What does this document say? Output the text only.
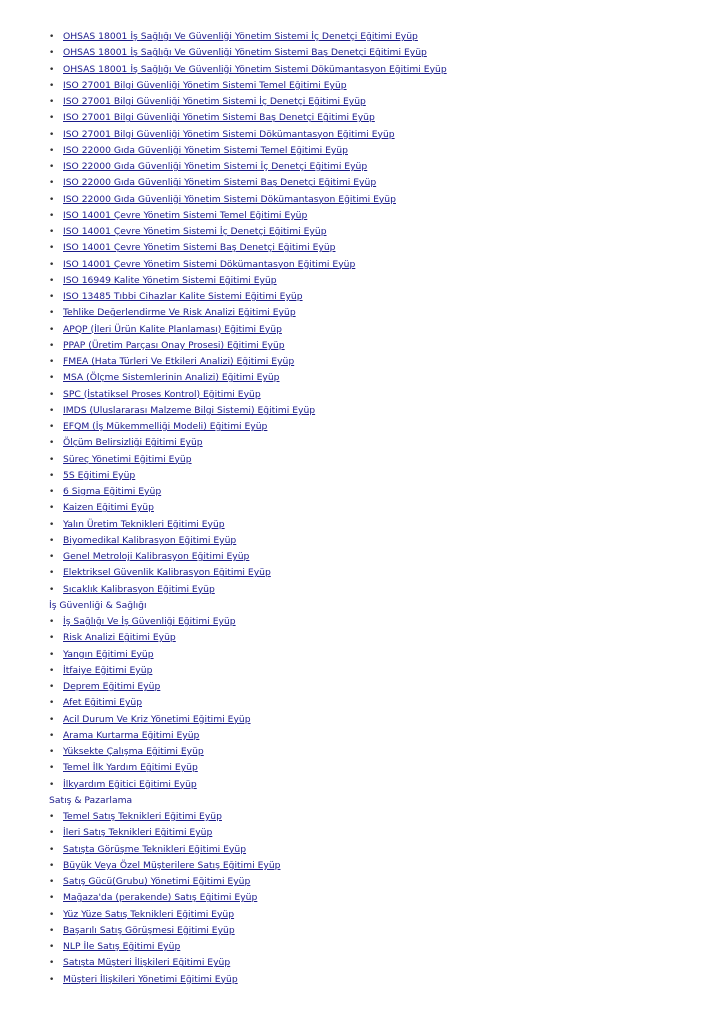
• OHSAS 18001 İş Sağlığı Ve Güvenliği Yönetim Sistemi İç Denetçi Eğitimi Eyüp
• OHSAS 18001 İş Sağlığı Ve Güvenliği Yönetim Sistemi Baş Denetçi Eğitimi Eyüp
• OHSAS 18001 İş Sağlığı Ve Güvenliği Yönetim Sistemi Dökümantasyon Eğitimi Eyüp
• ISO 27001 Bilgi Güvenliği Yönetim Sistemi Temel Eğitimi Eyüp
• ISO 27001 Bilgi Güvenliği Yönetim Sistemi İç Denetçi Eğitimi Eyüp
• ISO 27001 Bilgi Güvenliği Yönetim Sistemi Baş Denetçi Eğitimi Eyüp
• ISO 27001 Bilgi Güvenliği Yönetim Sistemi Dökümantasyon Eğitimi Eyüp
• ISO 22000 Gıda Güvenliği Yönetim Sistemi Temel Eğitimi Eyüp
• ISO 22000 Gıda Güvenliği Yönetim Sistemi İç Denetçi Eğitimi Eyüp
• ISO 22000 Gıda Güvenliği Yönetim Sistemi Baş Denetçi Eğitimi Eyüp
• ISO 22000 Gıda Güvenliği Yönetim Sistemi Dökümantasyon Eğitimi Eyüp
• ISO 14001 Çevre Yönetim Sistemi Temel Eğitimi Eyüp
• ISO 14001 Çevre Yönetim Sistemi İç Denetçi Eğitimi Eyüp
• ISO 14001 Çevre Yönetim Sistemi Baş Denetçi Eğitimi Eyüp
• ISO 14001 Çevre Yönetim Sistemi Dökümantasyon Eğitimi Eyüp
• ISO 16949 Kalite Yönetim Sistemi Eğitimi Eyüp
• ISO 13485 Tıbbi Cihazlar Kalite Sistemi Eğitimi Eyüp
• Tehlike Değerlendirme Ve Risk Analizi Eğitimi Eyüp
• APQP (İleri Ürün Kalite Planlaması) Eğitimi Eyüp
• PPAP (Üretim Parçası Onay Prosesi) Eğitimi Eyüp
• FMEA (Hata Türleri Ve Etkileri Analizi) Eğitimi Eyüp
• MSA (Ölçme Sistemlerinin Analizi) Eğitimi Eyüp
• SPC (İstatiksel Proses Kontrol) Eğitimi Eyüp
• IMDS (Uluslararası Malzeme Bilgi Sistemi) Eğitimi Eyüp
• EFQM (İş Mükemmelliği Modeli) Eğitimi Eyüp
• Ölçüm Belirsizliği Eğitimi Eyüp
• Süreç Yönetimi Eğitimi Eyüp
• 5S Eğitimi Eyüp
• 6 Sigma Eğitimi Eyüp
• Kaizen Eğitimi Eyüp
• Yalın Üretim Teknikleri Eğitimi Eyüp
• Biyomedikal Kalibrasyon Eğitimi Eyüp
• Genel Metroloji Kalibrasyon Eğitimi Eyüp
• Elektriksel Güvenlik Kalibrasyon Eğitimi Eyüp
• Sıcaklık Kalibrasyon Eğitimi Eyüp
İş Güvenliği & Sağlığı
• İş Sağlığı Ve İş Güvenliği Eğitimi Eyüp
• Risk Analizi Eğitimi Eyüp
• Yangın Eğitimi Eyüp
• İtfaiye Eğitimi Eyüp
• Deprem Eğitimi Eyüp
• Afet Eğitimi Eyüp
• Acil Durum Ve Kriz Yönetimi Eğitimi Eyüp
• Arama Kurtarma Eğitimi Eyüp
• Yüksekte Çalışma Eğitimi Eyüp
• Temel İlk Yardım Eğitimi Eyüp
• İlkyardım Eğitici Eğitimi Eyüp
Satış & Pazarlama
• Temel Satış Teknikleri Eğitimi Eyüp
• İleri Satış Teknikleri Eğitimi Eyüp
• Satışta Görüşme Teknikleri Eğitimi Eyüp
• Büyük Veya Özel Müşterilere Satış Eğitimi Eyüp
• Satış Gücü(Grubu) Yönetimi Eğitimi Eyüp
• Mağaza'da (perakende) Satış Eğitimi Eyüp
• Yüz Yüze Satış Teknikleri Eğitimi Eyüp
• Başarılı Satış Görüşmesi Eğitimi Eyüp
• NLP İle Satış Eğitimi Eyüp
• Satışta Müşteri İlişkileri Eğitimi Eyüp
• Müşteri İlişkileri Yönetimi Eğitimi Eyüp
